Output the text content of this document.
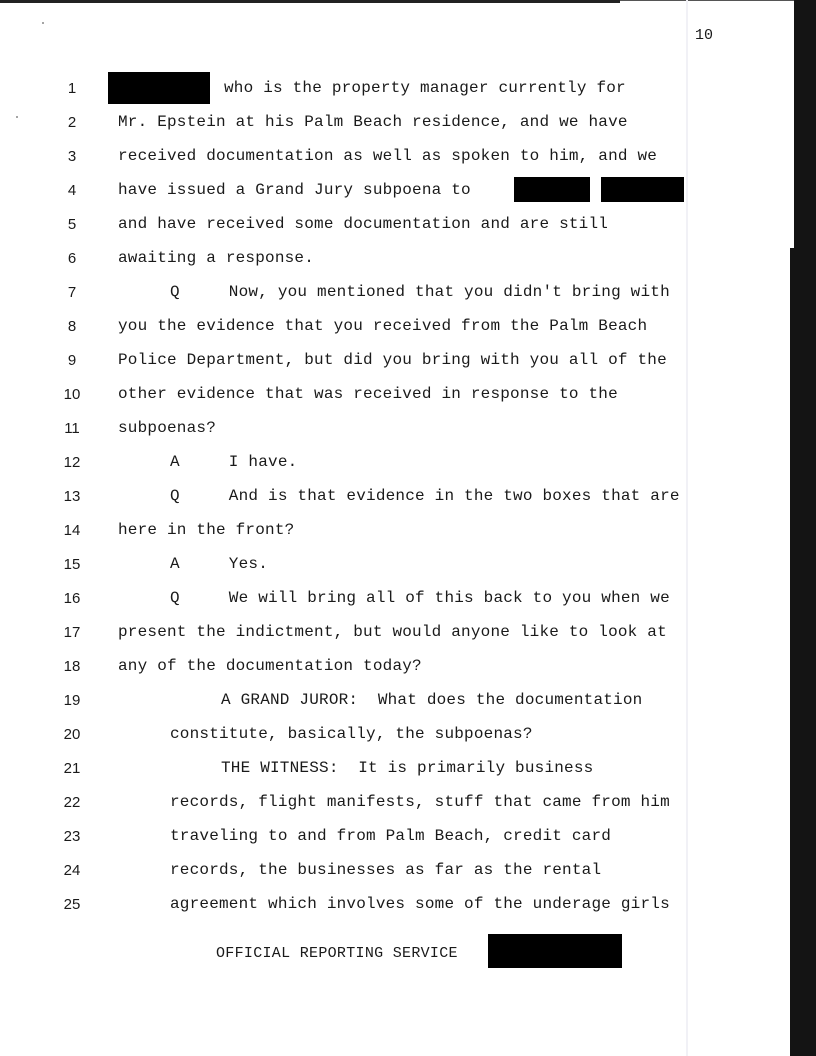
10
1	who is the property manager currently for
2	Mr. Epstein at his Palm Beach residence, and we have
3	received documentation as well as spoken to him, and we
4	have issued a Grand Jury subpoena to
5	and have received some documentation and are still
6	awaiting a response.
7	Q     Now, you mentioned that you didn't bring with
8	you the evidence that you received from the Palm Beach
9	Police Department, but did you bring with you all of the
10 other evidence that was received in response to the
11 subpoenas?
12	A     I have.
13	Q     And is that evidence in the two boxes that are
14 here in the front?
15	A     Yes.
16	Q     We will bring all of this back to you when we
17 present the indictment, but would anyone like to look at
18 any of the documentation today?
19	A GRAND JUROR:  What does the documentation
20	constitute, basically, the subpoenas?
21	THE WITNESS:  It is primarily business
22	records, flight manifests, stuff that came from him
23	traveling to and from Palm Beach, credit card
24	records, the businesses as far as the rental
25	agreement which involves some of the underage girls
OFFICIAL REPORTING SERVICE
